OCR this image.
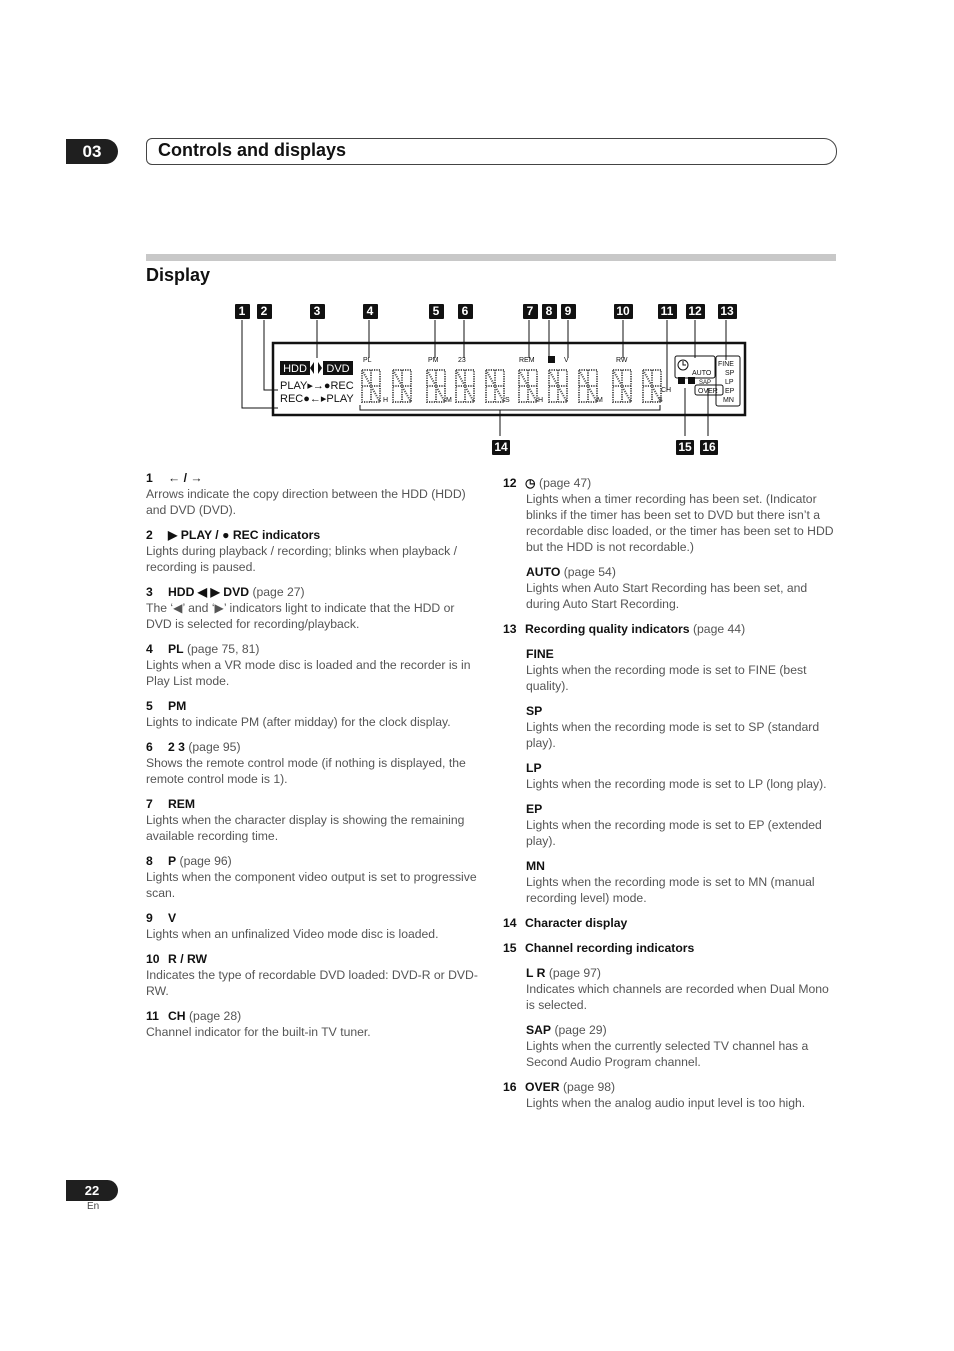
03	Controls and displays
Display
1	2	3	4	5	6	7	8	9	10	11 12 13
14	15 16
HDD DVD
PLAY▸→●REC
REC●←▸PLAY
PL	PM	23	REM	V	RW
CH
H	M	S	H	M	S
AUTO
SAP
OVER
FINE
SP
LP
EP
MN
1 ← / →
Arrows indicate the copy direction between the HDD (HDD) and DVD (DVD).
2 ▶ PLAY / ● REC indicators
Lights during playback / recording; blinks when playback / recording is paused.
3 HDD ◀ ▶ DVD (page 27)
The ‘◀’ and ‘▶’ indicators light to indicate that the HDD or DVD is selected for recording/playback.
4 PL (page 75, 81)
Lights when a VR mode disc is loaded and the recorder is in Play List mode.
5 PM
Lights to indicate PM (after midday) for the clock display.
6 2 3 (page 95)
Shows the remote control mode (if nothing is displayed, the remote control mode is 1).
7 REM
Lights when the character display is showing the remaining available recording time.
8 P (page 96)
Lights when the component video output is set to progressive scan.
9 V
Lights when an unfinalized Video mode disc is loaded.
10 R / RW
Indicates the type of recordable DVD loaded: DVD-R or DVD-RW.
11 CH (page 28)
Channel indicator for the built-in TV tuner.
12 ◷ (page 47)
Lights when a timer recording has been set. (Indicator blinks if the timer has been set to DVD but there isn’t a recordable disc loaded, or the timer has been set to HDD but the HDD is not recordable.)
AUTO (page 54)
Lights when Auto Start Recording has been set, and during Auto Start Recording.
13 Recording quality indicators (page 44)
FINE
Lights when the recording mode is set to FINE (best quality).
SP
Lights when the recording mode is set to SP (standard play).
LP
Lights when the recording mode is set to LP (long play).
EP
Lights when the recording mode is set to EP (extended play).
MN
Lights when the recording mode is set to MN (manual recording level) mode.
14 Character display
15 Channel recording indicators
L R (page 97)
Indicates which channels are recorded when Dual Mono is selected.
SAP (page 29)
Lights when the currently selected TV channel has a Second Audio Program channel.
16 OVER (page 98)
Lights when the analog audio input level is too high.
22
En
